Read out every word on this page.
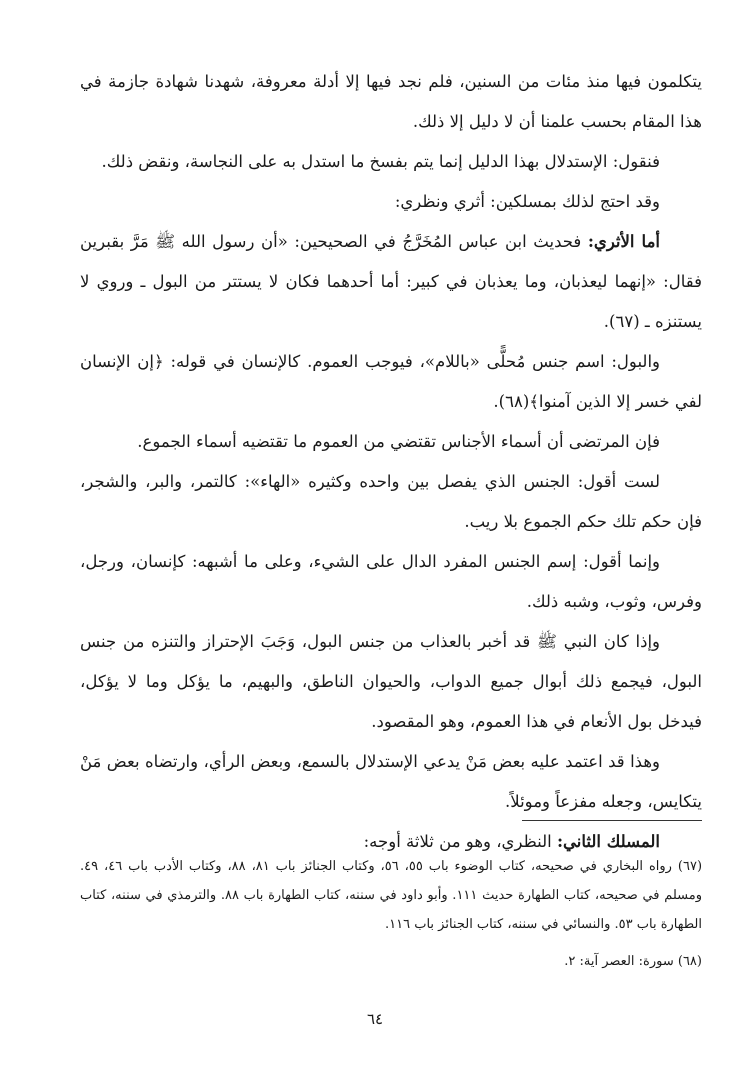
يتكلمون فيها منذ مئات من السنين، فلم نجد فيها إلا أدلة معروفة، شهدنا شهادة جازمة في هذا المقام بحسب علمنا أن لا دليل إلا ذلك.

فنقول: الإستدلال بهذا الدليل إنما يتم بفسخ ما استدل به على النجاسة، ونقض ذلك.

وقد احتج لذلك بمسلكين: أثري ونظري:

أما الأثري: فحديث ابن عباس المُخَرَّجُ في الصحيحين: «أن رسول الله ﷺ مَرَّ بقبرين فقال: «إنهما ليعذبان، وما يعذبان في كبير: أما أحدهما فكان لا يستتر من البول ـ وروي لا يستنزه ـ (٦٧).

والبول: اسم جنس مُحلًّى «باللام»، فيوجب العموم. كالإنسان في قوله: ﴿إن الإنسان لفي خسر إلا الذين آمنوا﴾(٦٨).

فإن المرتضى أن أسماء الأجناس تقتضي من العموم ما تقتضيه أسماء الجموع.

لست أقول: الجنس الذي يفصل بين واحده وكثيره «الهاء»: كالتمر، والبر، والشجر، فإن حكم تلك حكم الجموع بلا ريب.

وإنما أقول: إسم الجنس المفرد الدال على الشيء، وعلى ما أشبهه: كإنسان، ورجل، وفرس، وثوب، وشبه ذلك.

وإذا كان النبي ﷺ قد أخبر بالعذاب من جنس البول، وَجَبَ الإحتراز والتنزه من جنس البول، فيجمع ذلك أبوال جميع الدواب، والحيوان الناطق، والبهيم، ما يؤكل وما لا يؤكل، فيدخل بول الأنعام في هذا العموم، وهو المقصود.

وهذا قد اعتمد عليه بعض مَنْ يدعي الإستدلال بالسمع، وبعض الرأي، وارتضاه بعض مَنْ يتكايس، وجعله مفزعاً وموئلاً.

المسلك الثاني: النظري، وهو من ثلاثة أوجه:

(٦٧) رواه البخاري في صحيحه، كتاب الوضوء باب ٥٥، ٥٦، وكتاب الجنائز باب ٨١، ٨٨، وكتاب الأدب باب ٤٦، ٤٩. ومسلم في صحيحه، كتاب الطهارة حديث ١١١. وأبو داود في سننه، كتاب الطهارة باب ٨٨. والترمذي في سننه، كتاب الطهارة باب ٥٣. والنسائي في سننه، كتاب الجنائز باب ١١٦.

(٦٨) سورة: العصر آية: ٢.

٦٤
